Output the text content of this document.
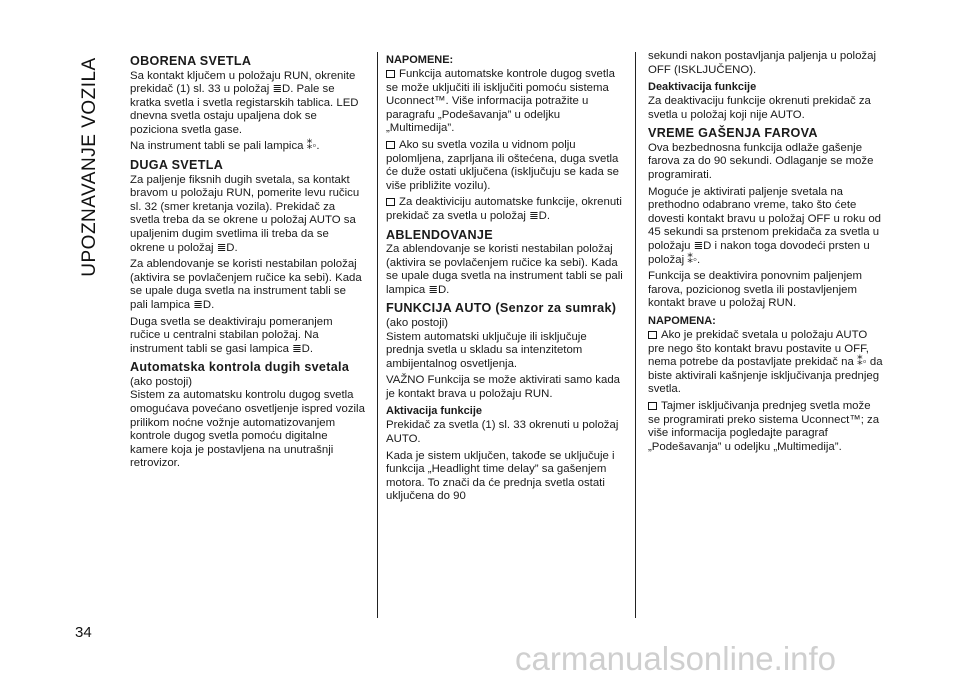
UPOZNAVANJE VOZILA
34
OBORENA SVETLA

Sa kontakt ključem u položaju RUN, okrenite prekidač (1) sl. 33 u položaj ≣D. Pale se kratka svetla i svetla registarskih tablica. LED dnevna svetla ostaju upaljena dok se poziciona svetla gase.

Na instrument tabli se pali lampica ⁑◦.

DUGA SVETLA

Za paljenje fiksnih dugih svetala, sa kontakt bravom u položaju RUN, pomerite levu ručicu sl. 32 (smer kretanja vozila). Prekidač za svetla treba da se okrene u položaj AUTO sa upaljenim dugim svetlima ili treba da se okrene u položaj ≣D.

Za ablendovanje se koristi nestabilan položaj (aktivira se povlačenjem ručice ka sebi). Kada se upale duga svetla na instrument tabli se pali lampica ≣D.

Duga svetla se deaktiviraju pomeranjem ručice u centralni stabilan položaj. Na instrument tabli se gasi lampica ≣D.

Automatska kontrola dugih svetala

(ako postoji)

Sistem za automatsku kontrolu dugog svetla omogućava povećano osvetljenje ispred vozila prilikom noćne vožnje automatizovanjem kontrole dugog svetla pomoću digitalne kamere koja je postavljena na unutrašnji retrovizor.

NAPOMENE:

Funkcija automatske kontrole dugog svetla se može uključiti ili isključiti pomoću sistema Uconnect™. Više informacija potražite u paragrafu „Podešavanja” u odeljku „Multimedija”.

Ako su svetla vozila u vidnom polju polomljena, zaprljana ili oštećena, duga svetla će duže ostati uključena (isključuju se kada se više približite vozilu).

Za deaktiviciju automatske funkcije, okrenuti prekidač za svetla u položaj ≣D.

ABLENDOVANJE

Za ablendovanje se koristi nestabilan položaj (aktivira se povlačenjem ručice ka sebi). Kada se upale duga svetla na instrument tabli se pali lampica ≣D.

FUNKCIJA AUTO (Senzor za sumrak)

(ako postoji)

Sistem automatski uključuje ili isključuje prednja svetla u skladu sa intenzitetom ambijentalnog osvetljenja.

VAŽNO Funkcija se može aktivirati samo kada je kontakt brava u položaju RUN.

Aktivacija funkcije

Prekidač za svetla (1) sl. 33 okrenuti u položaj AUTO.

Kada je sistem uključen, takođe se uključuje i funkcija „Headlight time delay” sa gašenjem motora. To znači da će prednja svetla ostati uključena do 90

sekundi nakon postavljanja paljenja u položaj OFF (ISKLJUČENO).

Deaktivacija funkcije

Za deaktivaciju funkcije okrenuti prekidač za svetla u položaj koji nije AUTO.

VREME GAŠENJA FAROVA

Ova bezbednosna funkcija odlaže gašenje farova za do 90 sekundi. Odlaganje se može programirati.

Moguće je aktivirati paljenje svetala na prethodno odabrano vreme, tako što ćete dovesti kontakt bravu u položaj OFF u roku od 45 sekundi sa prstenom prekidača za svetla u položaju ≣D i nakon toga dovodeći prsten u položaj ⁑◦.

Funkcija se deaktivira ponovnim paljenjem farova, pozicionog svetla ili postavljenjem kontakt brave u položaj RUN.

NAPOMENA:

Ako je prekidač svetala u položaju AUTO pre nego što kontakt bravu postavite u OFF, nema potrebe da postavljate prekidač na ⁑◦ da biste aktivirali kašnjenje isključivanja prednjeg svetla.

Tajmer isključivanja prednjeg svetla može se programirati preko sistema Uconnect™; za više informacija pogledajte paragraf „Podešavanja” u odeljku „Multimedija”.

carmanualsonline.info
